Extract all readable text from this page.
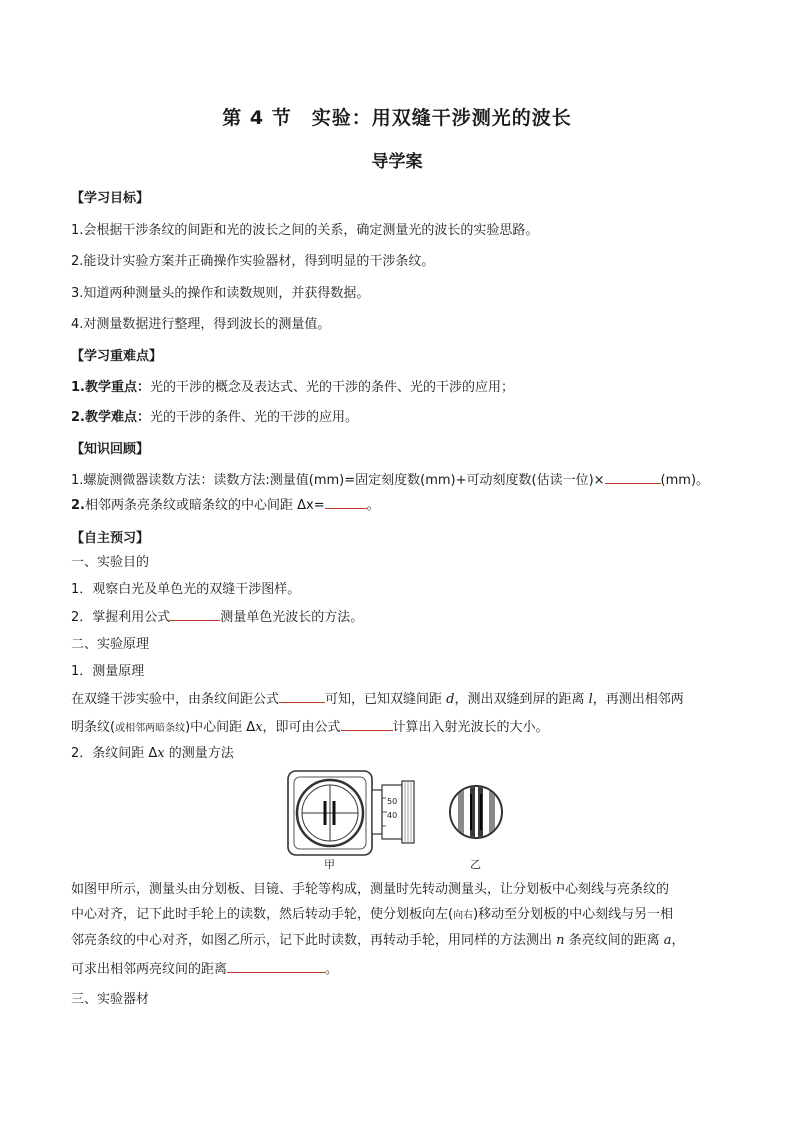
第 4 节　实验：用双缝干涉测光的波长
导学案
【学习目标】
1.会根据干涉条纹的间距和光的波长之间的关系，确定测量光的波长的实验思路。
2.能设计实验方案并正确操作实验器材，得到明显的干涉条纹。
3.知道两种测量头的操作和读数规则，并获得数据。
4.对测量数据进行整理，得到波长的测量值。
【学习重难点】
1.教学重点：光的干涉的概念及表达式、光的干涉的条件、光的干涉的应用；
2.教学难点：光的干涉的条件、光的干涉的应用。
【知识回顾】
1.螺旋测微器读数方法：读数方法:测量值(mm)=固定刻度数(mm)+可动刻度数(估读一位)×	(mm)。
2.相邻两条亮条纹或暗条纹的中心间距 Δx=	。
【自主预习】
一、实验目的
1．观察白光及单色光的双缝干涉图样。
2．掌握利用公式	测量单色光波长的方法。
二、实验原理
1．测量原理
在双缝干涉实验中，由条纹间距公式	可知，已知双缝间距 d，测出双缝到屏的距离 l，再测出相邻两
明条纹(或相邻两暗条纹)中心间距 Δx，即可由公式	计算出入射光波长的大小。
2．条纹间距 Δx 的测量方法
50
40
甲	乙
如图甲所示，测量头由分划板、目镜、手轮等构成，测量时先转动测量头，让分划板中心刻线与亮条纹的
中心对齐，记下此时手轮上的读数，然后转动手轮，使分划板向左(向右)移动至分划板的中心刻线与另一相
邻亮条纹的中心对齐，如图乙所示，记下此时读数，再转动手轮，用同样的方法测出 n 条亮纹间的距离 a，
可求出相邻两亮纹间的距离	。
三、实验器材
